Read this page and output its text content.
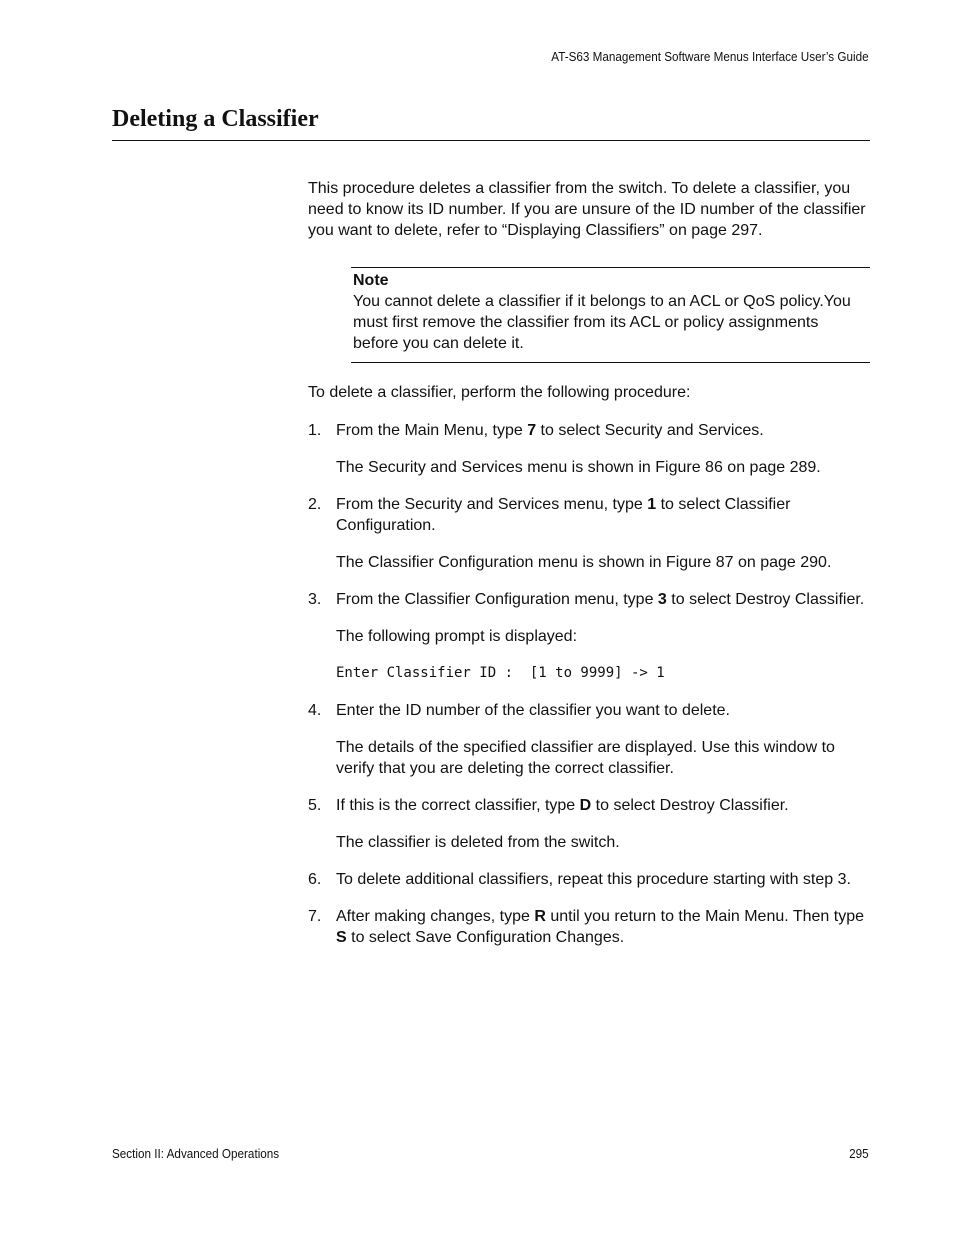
AT-S63 Management Software Menus Interface User’s Guide
Deleting a Classifier

This procedure deletes a classifier from the switch. To delete a classifier, you need to know its ID number. If you are unsure of the ID number of the classifier you want to delete, refer to “Displaying Classifiers” on page 297.

Note
You cannot delete a classifier if it belongs to an ACL or QoS policy.You must first remove the classifier from its ACL or policy assignments before you can delete it.

To delete a classifier, perform the following procedure:

1. From the Main Menu, type 7 to select Security and Services.

The Security and Services menu is shown in Figure 86 on page 289.

2. From the Security and Services menu, type 1 to select Classifier Configuration.

The Classifier Configuration menu is shown in Figure 87 on page 290.

3. From the Classifier Configuration menu, type 3 to select Destroy Classifier.

The following prompt is displayed:

Enter Classifier ID :  [1 to 9999] -> 1

4. Enter the ID number of the classifier you want to delete.

The details of the specified classifier are displayed. Use this window to verify that you are deleting the correct classifier.

5. If this is the correct classifier, type D to select Destroy Classifier.

The classifier is deleted from the switch.

6. To delete additional classifiers, repeat this procedure starting with step 3.

7. After making changes, type R until you return to the Main Menu. Then type S to select Save Configuration Changes.

Section II: Advanced Operations	295
